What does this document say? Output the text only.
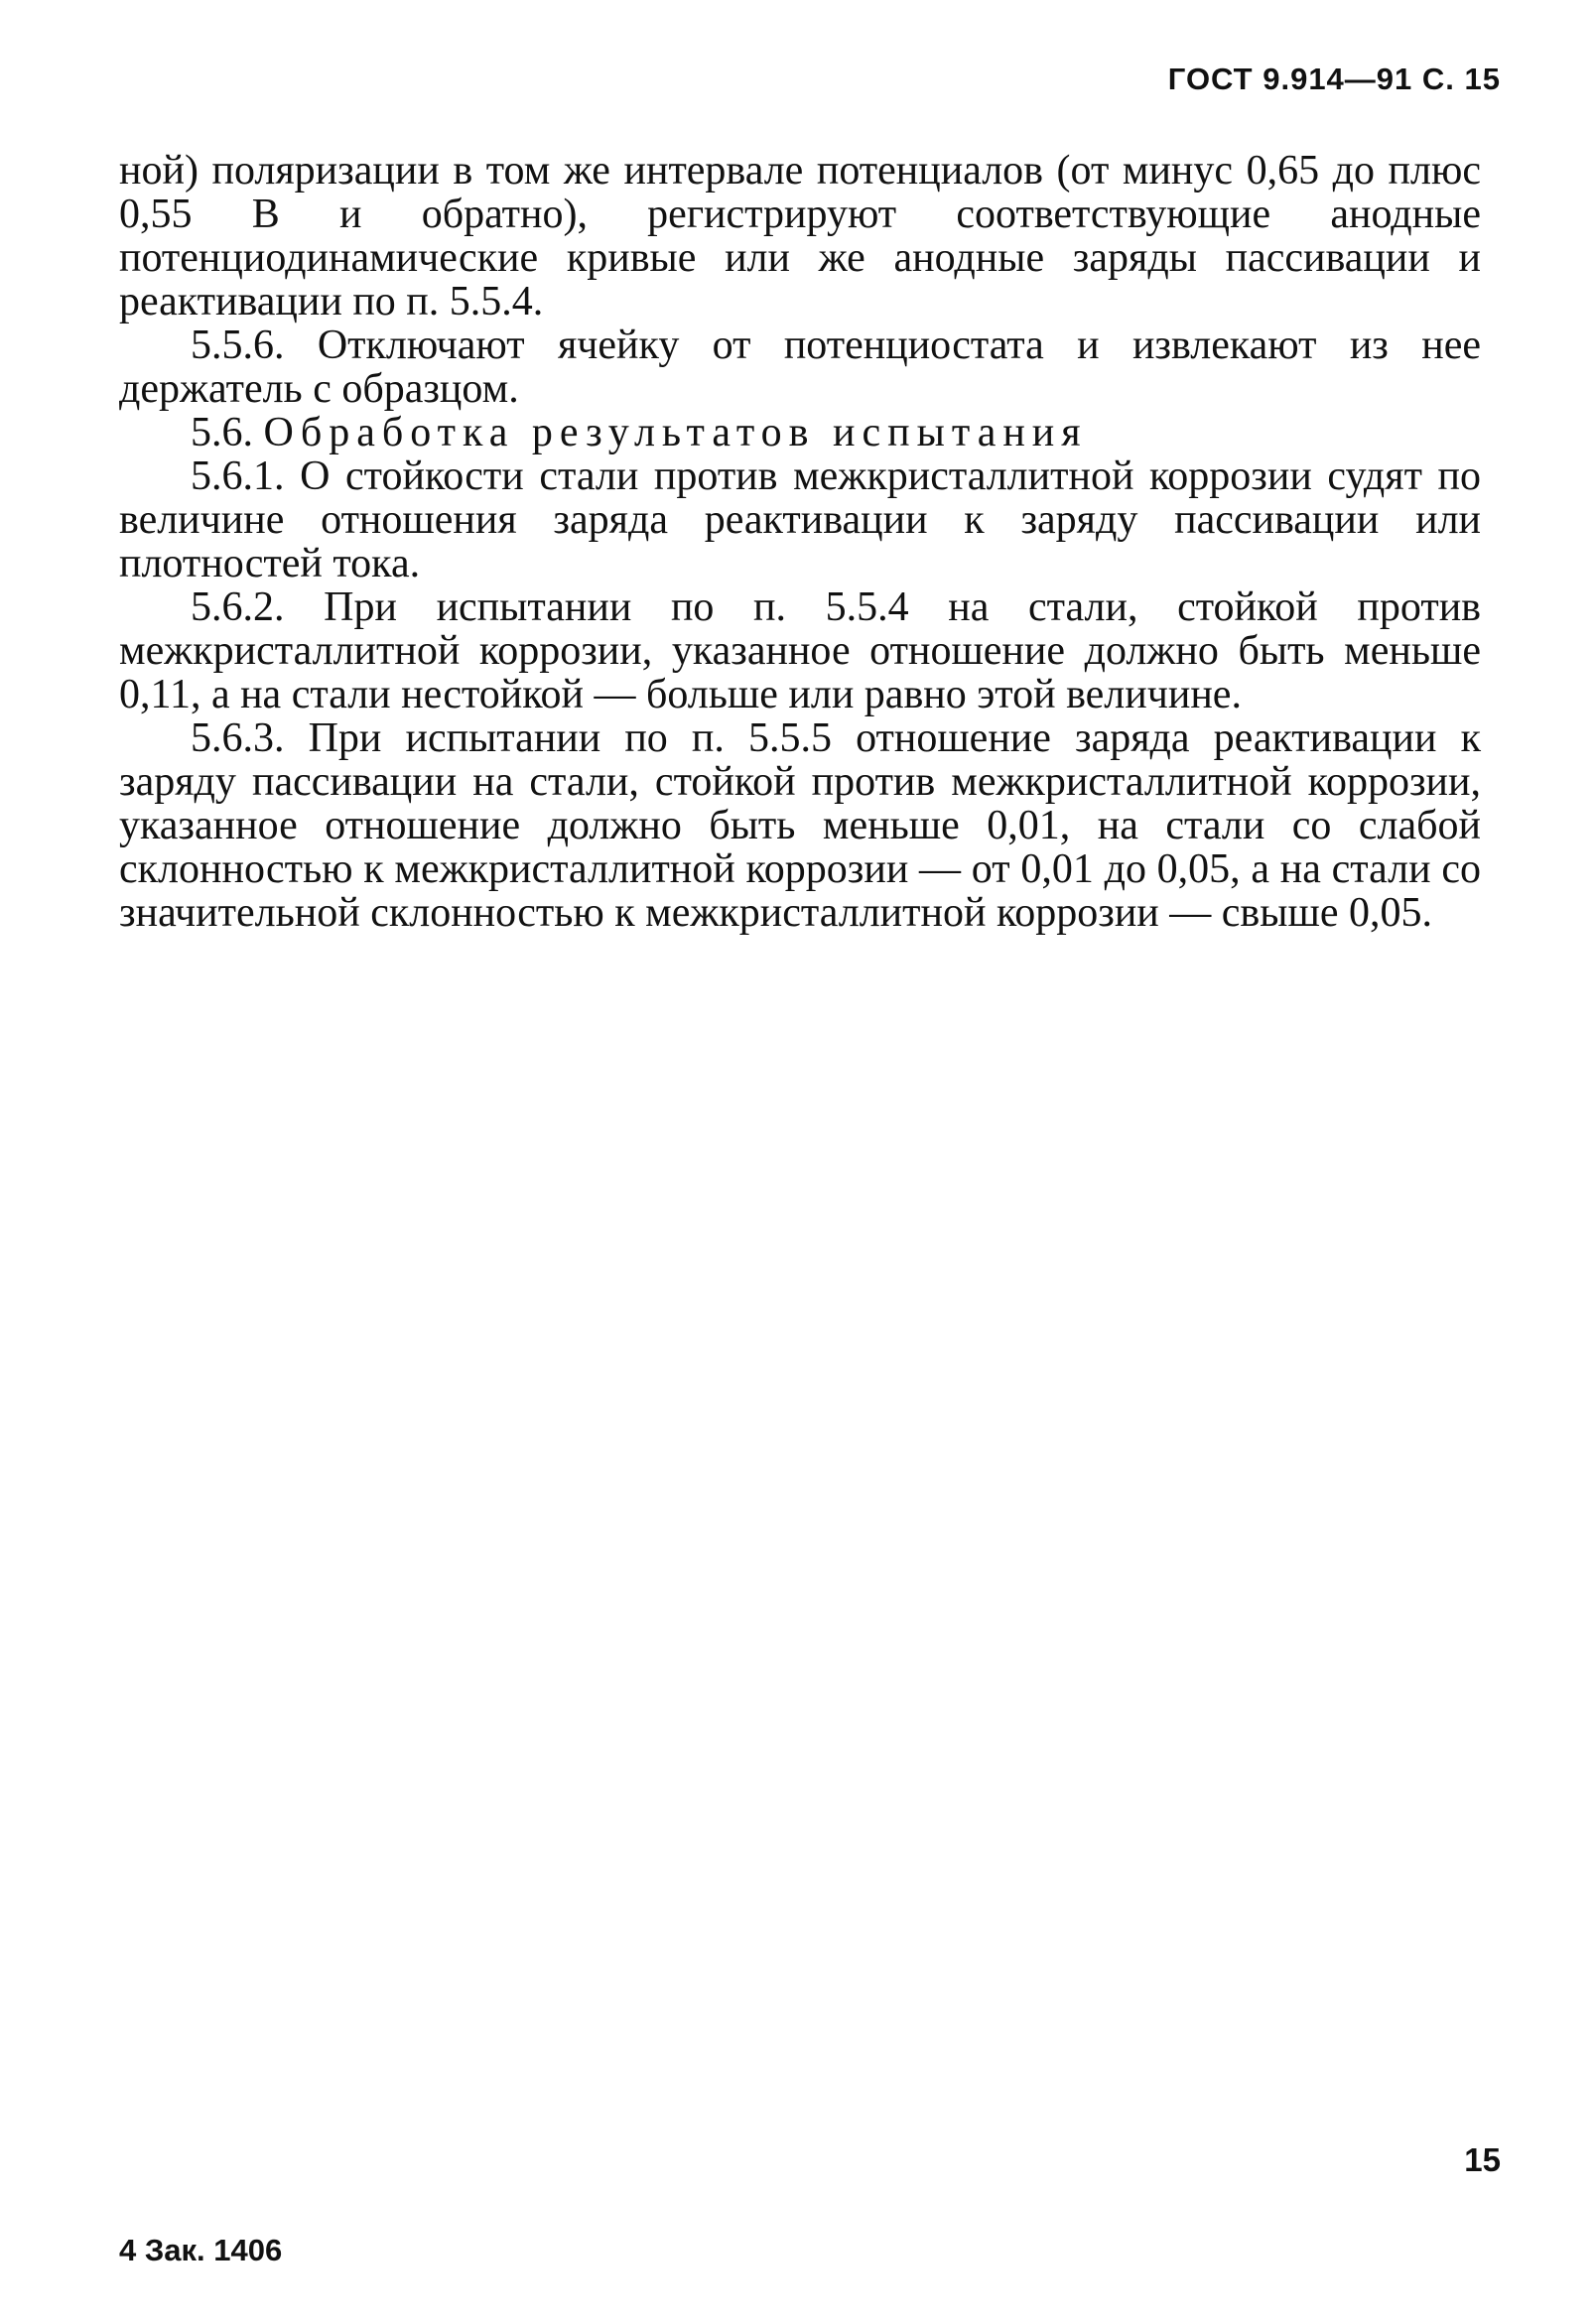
ГОСТ 9.914—91 С. 15

ной) поляризации в том же интервале потенциалов (от минус 0,65 до плюс 0,55 В и обратно), регистрируют соответствующие анодные потенциодинамические кривые или же анодные заряды пассивации и реактивации по п. 5.5.4.

5.5.6. Отключают ячейку от потенциостата и извлекают из нее держатель с образцом.

5.6. Обработка результатов испытания

5.6.1. О стойкости стали против межкристаллитной коррозии судят по величине отношения заряда реактивации к заряду пассивации или плотностей тока.

5.6.2. При испытании по п. 5.5.4 на стали, стойкой против межкристаллитной коррозии, указанное отношение должно быть меньше 0,11, а на стали нестойкой — больше или равно этой величине.

5.6.3. При испытании по п. 5.5.5 отношение заряда реактивации к заряду пассивации на стали, стойкой против межкристаллитной коррозии, указанное отношение должно быть меньше 0,01, на стали со слабой склонностью к межкристаллитной коррозии — от 0,01 до 0,05, а на стали со значительной склонностью к межкристаллитной коррозии — свыше 0,05.

15
4 Зак. 1406
